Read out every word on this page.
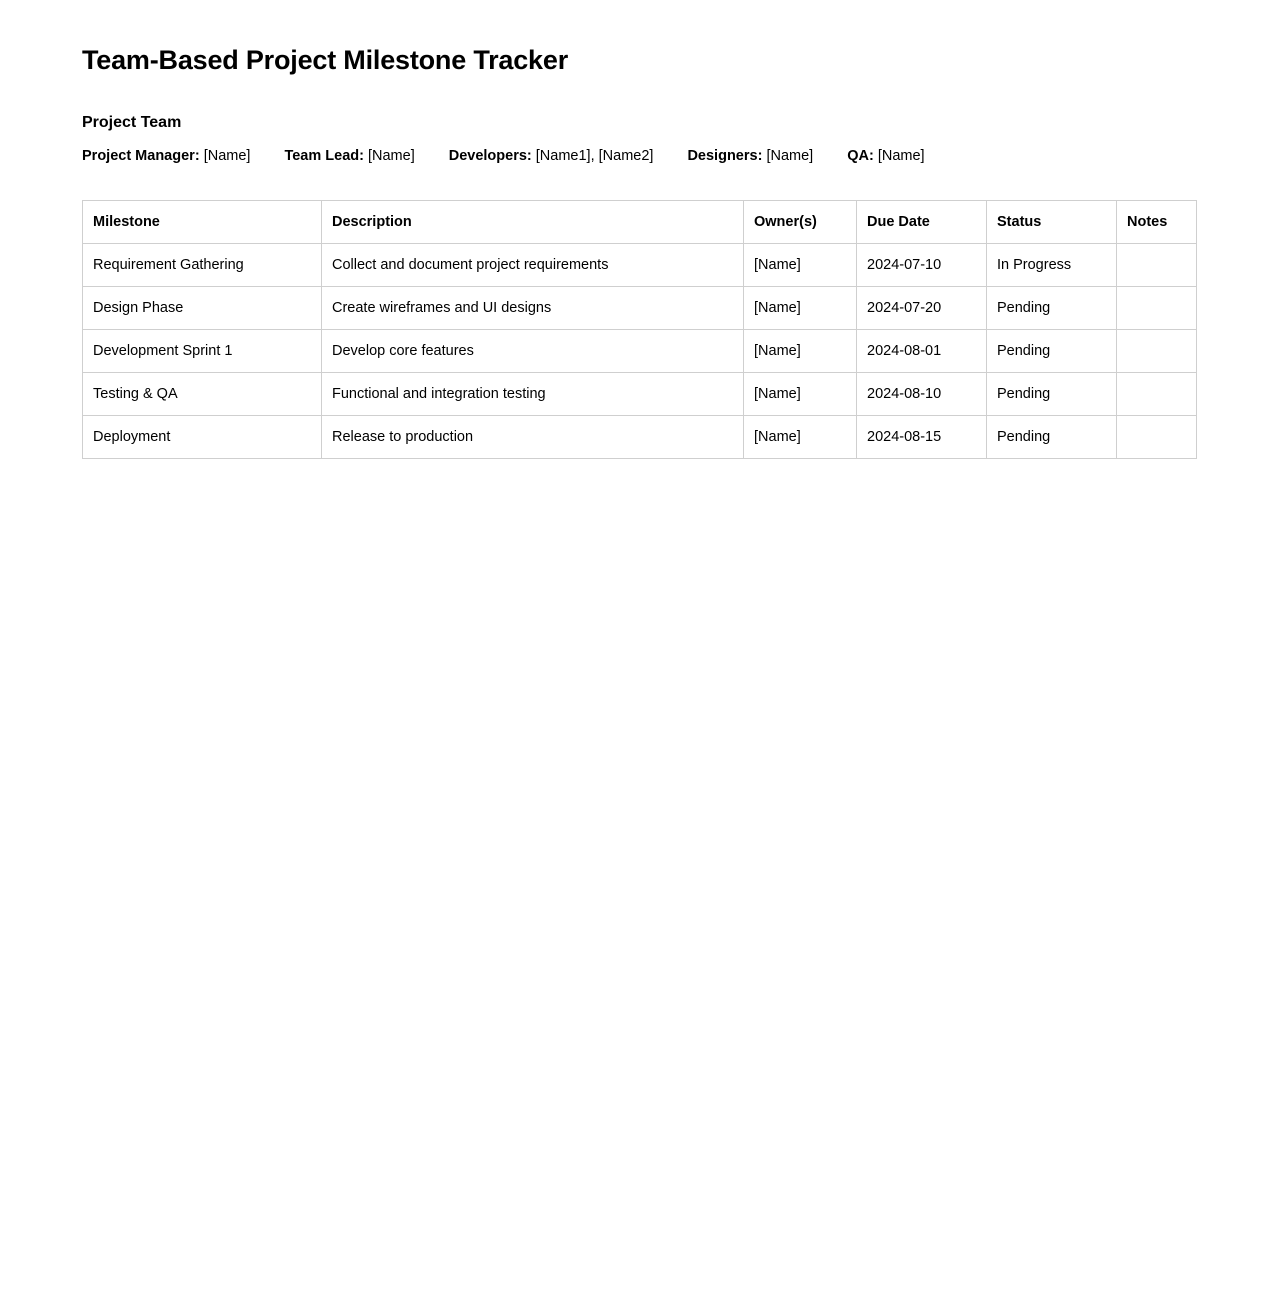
Team-Based Project Milestone Tracker
Project Team
Project Manager: [Name] Team Lead: [Name] Developers: [Name1], [Name2] Designers: [Name] QA: [Name]
Milestone	Description	Owner(s)	Due Date	Status	Notes
Requirement Gathering	Collect and document project requirements	[Name]	2024-07-10	In Progress	
Design Phase	Create wireframes and UI designs	[Name]	2024-07-20	Pending	
Development Sprint 1	Develop core features	[Name]	2024-08-01	Pending	
Testing & QA	Functional and integration testing	[Name]	2024-08-10	Pending	
Deployment	Release to production	[Name]	2024-08-15	Pending	
